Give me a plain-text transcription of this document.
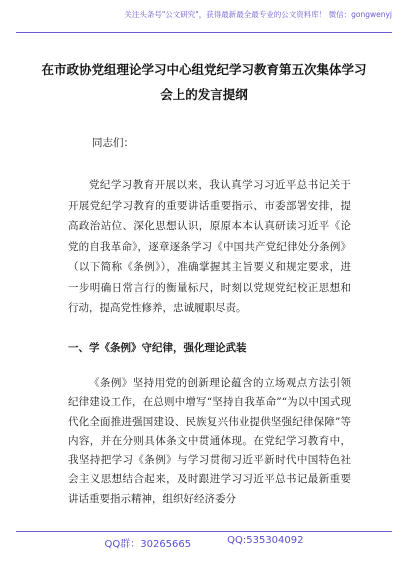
关注头条号"公文研究"，获得最新最全最专业的公文资料库！ 微信：gongwenyj
在市政协党组理论学习中心组党纪学习教育第五次集体学习会上的发言提纲
同志们：
党纪学习教育开展以来，我认真学习习近平总书记关于开展党纪学习教育的重要讲话重要指示、市委部署安排，提高政治站位、深化思想认识，原原本本认真研读习近平《论党的自我革命》，逐章逐条学习《中国共产党纪律处分条例》（以下简称《条例》），准确掌握其主旨要义和规定要求，进一步明确日常言行的衡量标尺，时刻以党规党纪校正思想和行动，提高党性修养，忠诚履职尽责。
一、学《条例》守纪律，强化理论武装
《条例》坚持用党的创新理论蕴含的立场观点方法引领纪律建设工作，在总则中增写“坚持自我革命”“为以中国式现代化全面推进强国建设、民族复兴伟业提供坚强纪律保障”等内容，并在分则具体条文中贯通体现。在党纪学习教育中，我坚持把学习《条例》与学习贯彻习近平新时代中国特色社会主义思想结合起来，及时跟进学习习近平总书记最新重要讲话重要指示精神，组织好经济委分
QQ群：30265665	QQ:535304092
